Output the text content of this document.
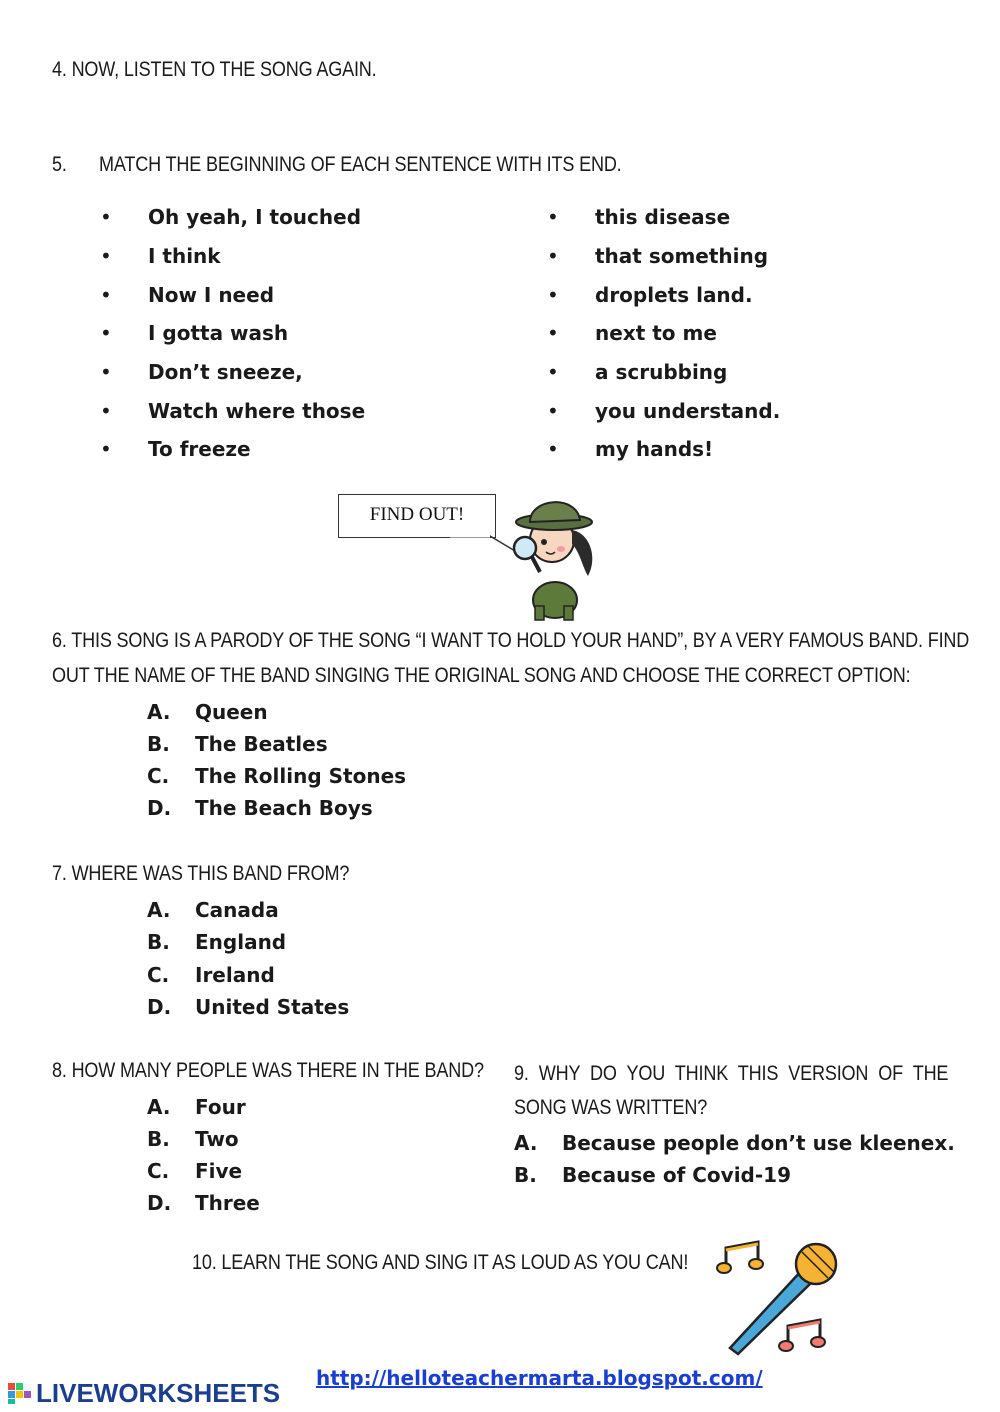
4. NOW, LISTEN TO THE SONG AGAIN.
5. MATCH THE BEGINNING OF EACH SENTENCE WITH ITS END.
• Oh yeah, I touched
• I think
• Now I need
• I gotta wash
• Don’t sneeze,
• Watch where those
• To freeze
• this disease
• that something
• droplets land.
• next to me
• a scrubbing
• you understand.
• my hands!
FIND OUT!
6. THIS SONG IS A PARODY OF THE SONG “I WANT TO HOLD YOUR HAND”, BY A VERY FAMOUS BAND. FIND
OUT THE NAME OF THE BAND SINGING THE ORIGINAL SONG AND CHOOSE THE CORRECT OPTION:
A. Queen
B. The Beatles
C. The Rolling Stones
D. The Beach Boys
7. WHERE WAS THIS BAND FROM?
A. Canada
B. England
C. Ireland
D. United States
8. HOW MANY PEOPLE WAS THERE IN THE BAND?
A. Four
B. Two
C. Five
D. Three
9. WHY DO YOU THINK THIS VERSION OF THE
SONG WAS WRITTEN?
A. Because people don’t use kleenex.
B. Because of Covid-19
10. LEARN THE SONG AND SING IT AS LOUD AS YOU CAN!
LIVEWORKSHEETS http://helloteachermarta.blogspot.com/
